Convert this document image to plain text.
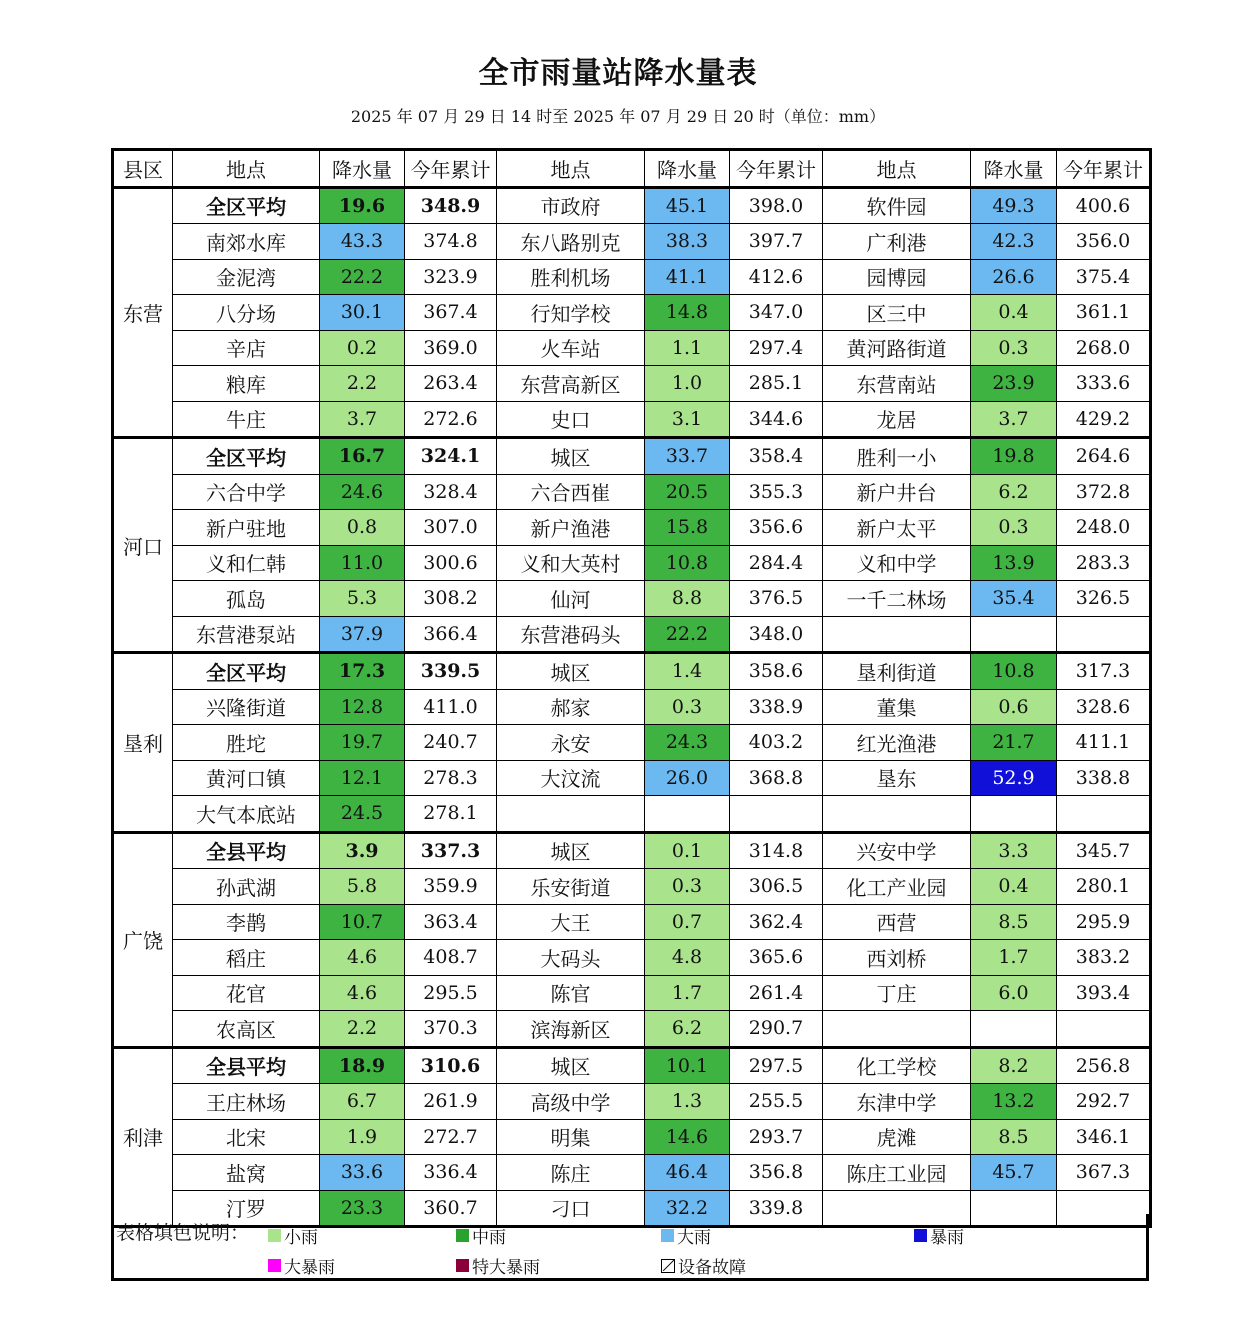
全市雨量站降水量表
2025 年 07 月 29 日 14 时至 2025 年 07 月 29 日 20 时（单位：mm）
县区	地点	降水量	今年累计	地点	降水量	今年累计	地点	降水量	今年累计
东营	全区平均	19.6	348.9	市政府	45.1	398.0	软件园	49.3	400.6
	南郊水库	43.3	374.8	东八路别克	38.3	397.7	广利港	42.3	356.0
	金泥湾	22.2	323.9	胜利机场	41.1	412.6	园博园	26.6	375.4
	八分场	30.1	367.4	行知学校	14.8	347.0	区三中	0.4	361.1
	辛店	0.2	369.0	火车站	1.1	297.4	黄河路街道	0.3	268.0
	粮库	2.2	263.4	东营高新区	1.0	285.1	东营南站	23.9	333.6
	牛庄	3.7	272.6	史口	3.1	344.6	龙居	3.7	429.2
河口	全区平均	16.7	324.1	城区	33.7	358.4	胜利一小	19.8	264.6
	六合中学	24.6	328.4	六合西崔	20.5	355.3	新户井台	6.2	372.8
	新户驻地	0.8	307.0	新户渔港	15.8	356.6	新户太平	0.3	248.0
	义和仁韩	11.0	300.6	义和大英村	10.8	284.4	义和中学	13.9	283.3
	孤岛	5.3	308.2	仙河	8.8	376.5	一千二林场	35.4	326.5
	东营港泵站	37.9	366.4	东营港码头	22.2	348.0			
垦利	全区平均	17.3	339.5	城区	1.4	358.6	垦利街道	10.8	317.3
	兴隆街道	12.8	411.0	郝家	0.3	338.9	董集	0.6	328.6
	胜坨	19.7	240.7	永安	24.3	403.2	红光渔港	21.7	411.1
	黄河口镇	12.1	278.3	大汶流	26.0	368.8	垦东	52.9	338.8
	大气本底站	24.5	278.1						
广饶	全县平均	3.9	337.3	城区	0.1	314.8	兴安中学	3.3	345.7
	孙武湖	5.8	359.9	乐安街道	0.3	306.5	化工产业园	0.4	280.1
	李鹊	10.7	363.4	大王	0.7	362.4	西营	8.5	295.9
	稻庄	4.6	408.7	大码头	4.8	365.6	西刘桥	1.7	383.2
	花官	4.6	295.5	陈官	1.7	261.4	丁庄	6.0	393.4
	农高区	2.2	370.3	滨海新区	6.2	290.7			
利津	全县平均	18.9	310.6	城区	10.1	297.5	化工学校	8.2	256.8
	王庄林场	6.7	261.9	高级中学	1.3	255.5	东津中学	13.2	292.7
	北宋	1.9	272.7	明集	14.6	293.7	虎滩	8.5	346.1
	盐窝	33.6	336.4	陈庄	46.4	356.8	陈庄工业园	45.7	367.3
	汀罗	23.3	360.7	刁口	32.2	339.8			
表格填色说明： 小雨	中雨	大雨	暴雨
大暴雨	特大暴雨	设备故障
